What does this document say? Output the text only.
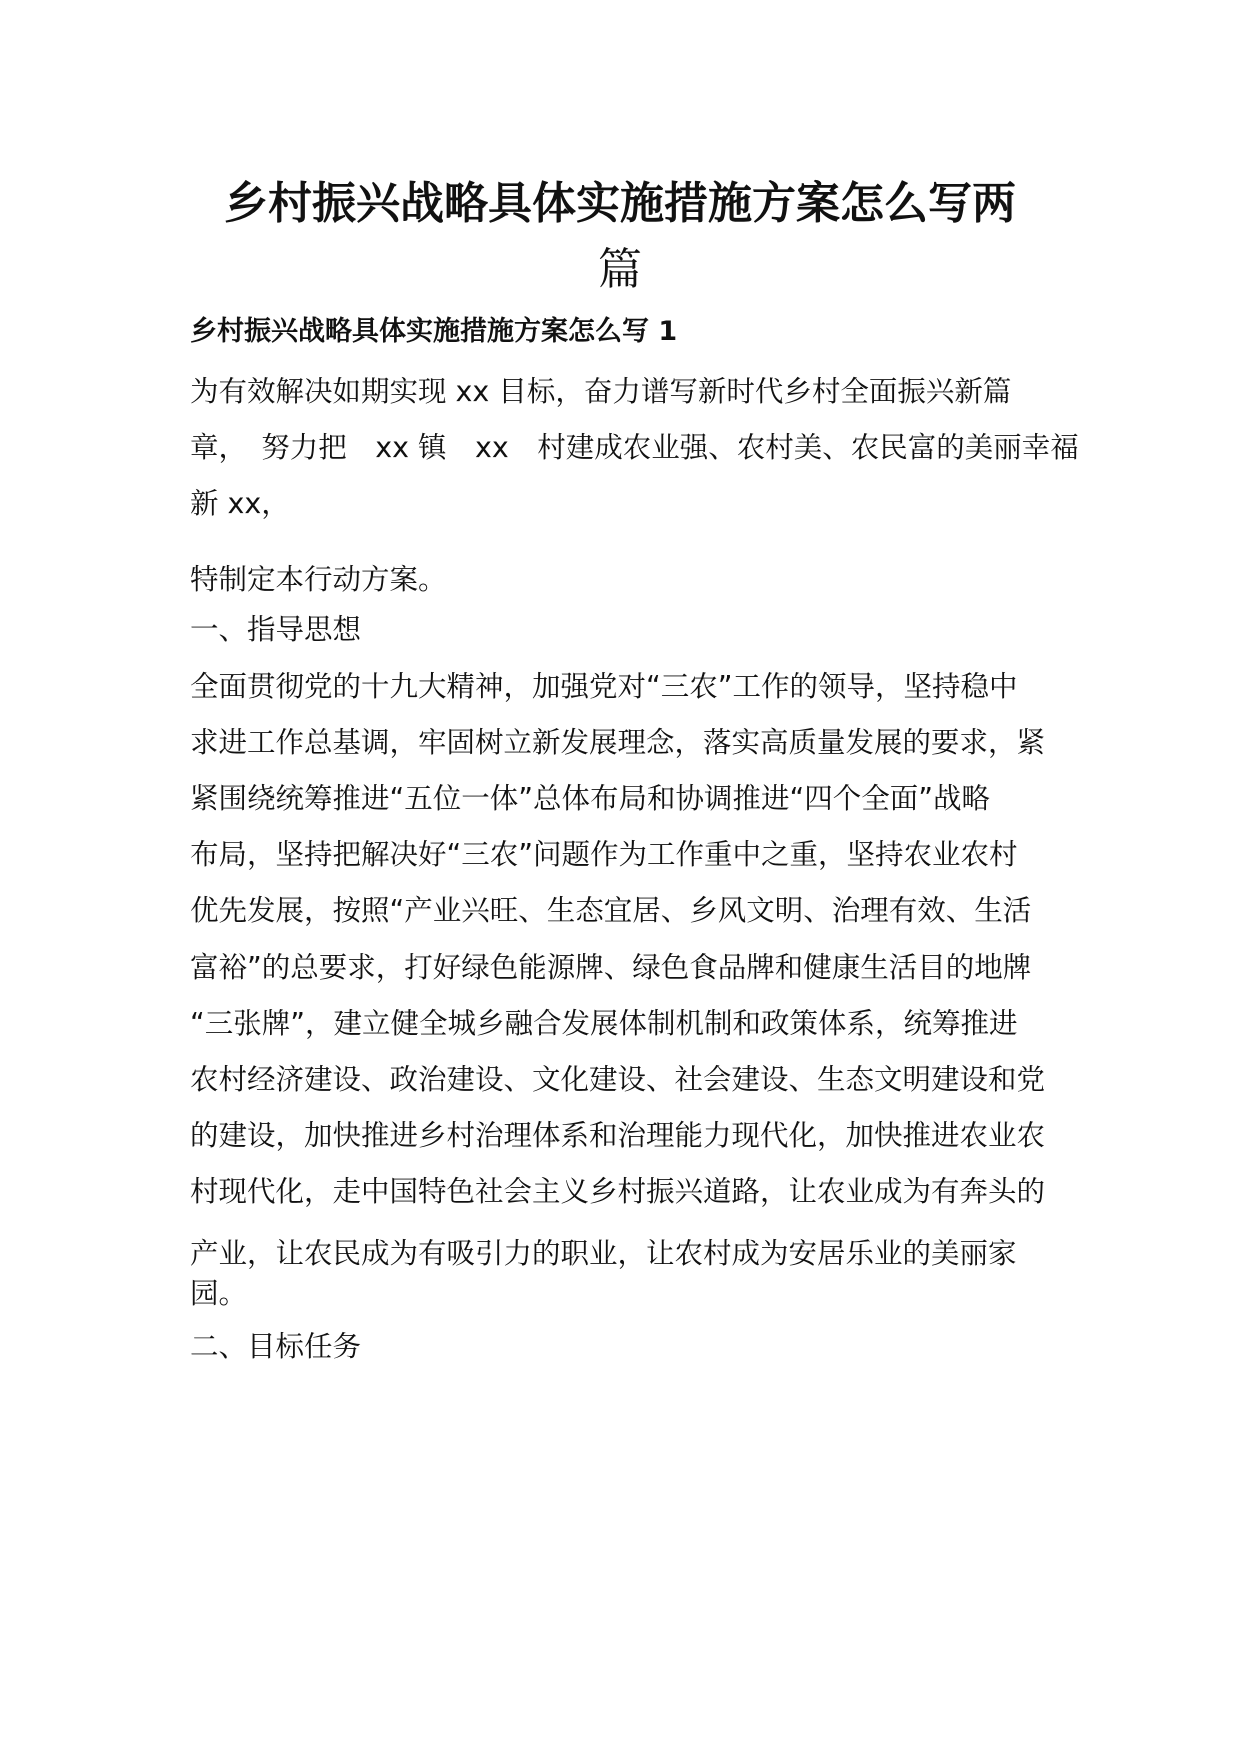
乡村振兴战略具体实施措施方案怎么写两
篇
乡村振兴战略具体实施措施方案怎么写 1

为有效解决如期实现 xx 目标，奋力谱写新时代乡村全面振兴新篇

章，　努力把　xx 镇　xx　村建成农业强、农村美、农民富的美丽幸福

新 xx，

特制定本行动方案。

一、指导思想

全面贯彻党的十九大精神，加强党对“三农”工作的领导，坚持稳中

求进工作总基调，牢固树立新发展理念，落实高质量发展的要求，紧

紧围绕统筹推进“五位一体”总体布局和协调推进“四个全面”战略

布局，坚持把解决好“三农”问题作为工作重中之重，坚持农业农村

优先发展，按照“产业兴旺、生态宜居、乡风文明、治理有效、生活

富裕”的总要求，打好绿色能源牌、绿色食品牌和健康生活目的地牌

“三张牌”，建立健全城乡融合发展体制机制和政策体系，统筹推进

农村经济建设、政治建设、文化建设、社会建设、生态文明建设和党

的建设，加快推进乡村治理体系和治理能力现代化，加快推进农业农

村现代化，走中国特色社会主义乡村振兴道路，让农业成为有奔头的

产业，让农民成为有吸引力的职业，让农村成为安居乐业的美丽家

园。

二、目标任务
